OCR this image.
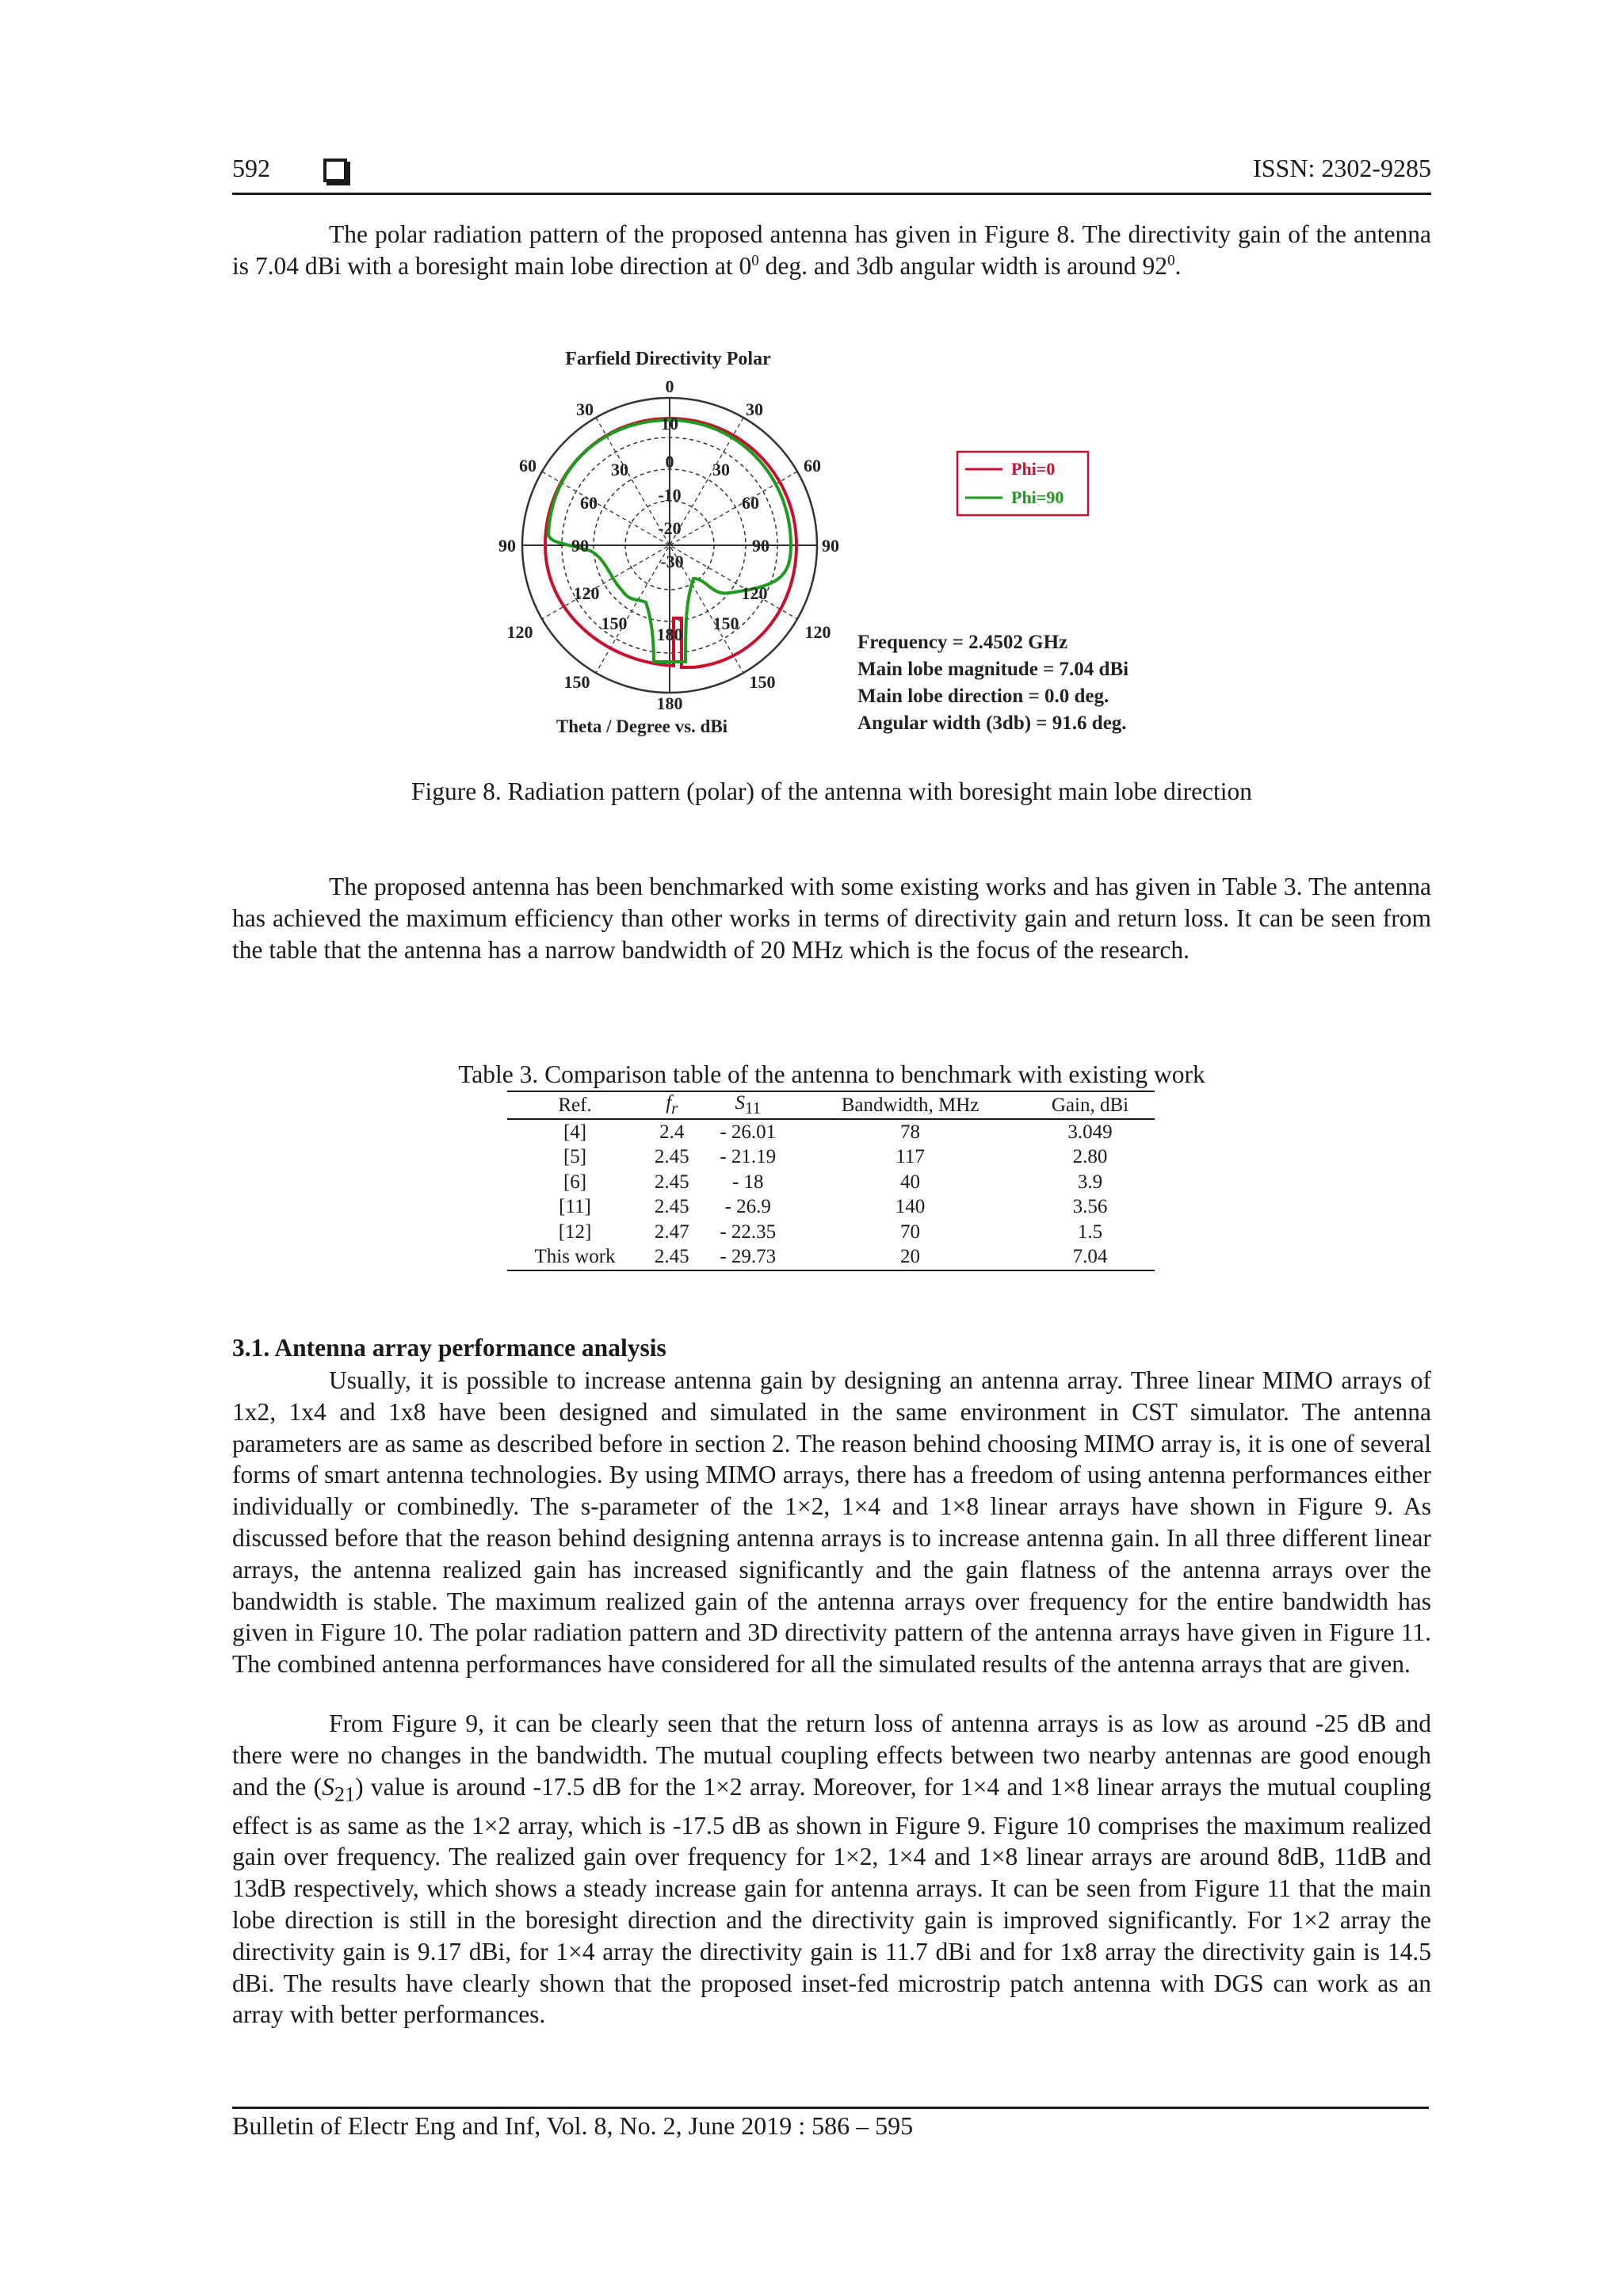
592	ISSN: 2302-9285
The polar radiation pattern of the proposed antenna has given in Figure 8. The directivity gain of the antenna is 7.04 dBi with a boresight main lobe direction at $0^0$ deg. and 3db angular width is around $92^0$.
Farfield Directivity Polar
0
30	30
60	60
90	90
120	120
150	150
180
10
0
-10
-20
-30
30	30
60	60
90	90
120	120
150	150
180
Theta / Degree vs. dBi
Phi=0
Phi=90
Frequency = 2.4502 GHz
Main lobe magnitude = 7.04 dBi
Main lobe direction = 0.0 deg.
Angular width (3db) = 91.6 deg.
Figure 8. Radiation pattern (polar) of the antenna with boresight main lobe direction
The proposed antenna has been benchmarked with some existing works and has given in Table 3. The antenna has achieved the maximum efficiency than other works in terms of directivity gain and return loss. It can be seen from the table that the antenna has a narrow bandwidth of 20 MHz which is the focus of the research.
Table 3. Comparison table of the antenna to benchmark with existing work
Ref.	$f_r$	$S_{11}$	Bandwidth, MHz	Gain, dBi
[4]	2.4	- 26.01	78	3.049
[5]	2.45	- 21.19	117	2.80
[6]	2.45	- 18	40	3.9
[11]	2.45	- 26.9	140	3.56
[12]	2.47	- 22.35	70	1.5
This work	2.45	- 29.73	20	7.04
3.1. Antenna array performance analysis
Usually, it is possible to increase antenna gain by designing an antenna array. Three linear MIMO arrays of 1x2, 1x4 and 1x8 have been designed and simulated in the same environment in CST simulator. The antenna parameters are as same as described before in section 2. The reason behind choosing MIMO array is, it is one of several forms of smart antenna technologies. By using MIMO arrays, there has a freedom of using antenna performances either individually or combinedly. The s-parameter of the 1×2, 1×4 and 1×8 linear arrays have shown in Figure 9. As discussed before that the reason behind designing antenna arrays is to increase antenna gain. In all three different linear arrays, the antenna realized gain has increased significantly and the gain flatness of the antenna arrays over the bandwidth is stable. The maximum realized gain of the antenna arrays over frequency for the entire bandwidth has given in Figure 10. The polar radiation pattern and 3D directivity pattern of the antenna arrays have given in Figure 11. The combined antenna performances have considered for all the simulated results of the antenna arrays that are given.
From Figure 9, it can be clearly seen that the return loss of antenna arrays is as low as around -25 dB and there were no changes in the bandwidth. The mutual coupling effects between two nearby antennas are good enough and the $(S_{21})$ value is around -17.5 dB for the 1×2 array. Moreover, for 1×4 and 1×8 linear arrays the mutual coupling effect is as same as the 1×2 array, which is -17.5 dB as shown in Figure 9. Figure 10 comprises the maximum realized gain over frequency. The realized gain over frequency for 1×2, 1×4 and 1×8 linear arrays are around 8dB, 11dB and 13dB respectively, which shows a steady increase gain for antenna arrays. It can be seen from Figure 11 that the main lobe direction is still in the boresight direction and the directivity gain is improved significantly. For 1×2 array the directivity gain is 9.17 dBi, for 1×4 array the directivity gain is 11.7 dBi and for 1x8 array the directivity gain is 14.5 dBi. The results have clearly shown that the proposed inset-fed microstrip patch antenna with DGS can work as an array with better performances.
Bulletin of Electr Eng and Inf, Vol. 8, No. 2, June 2019 : 586 – 595
